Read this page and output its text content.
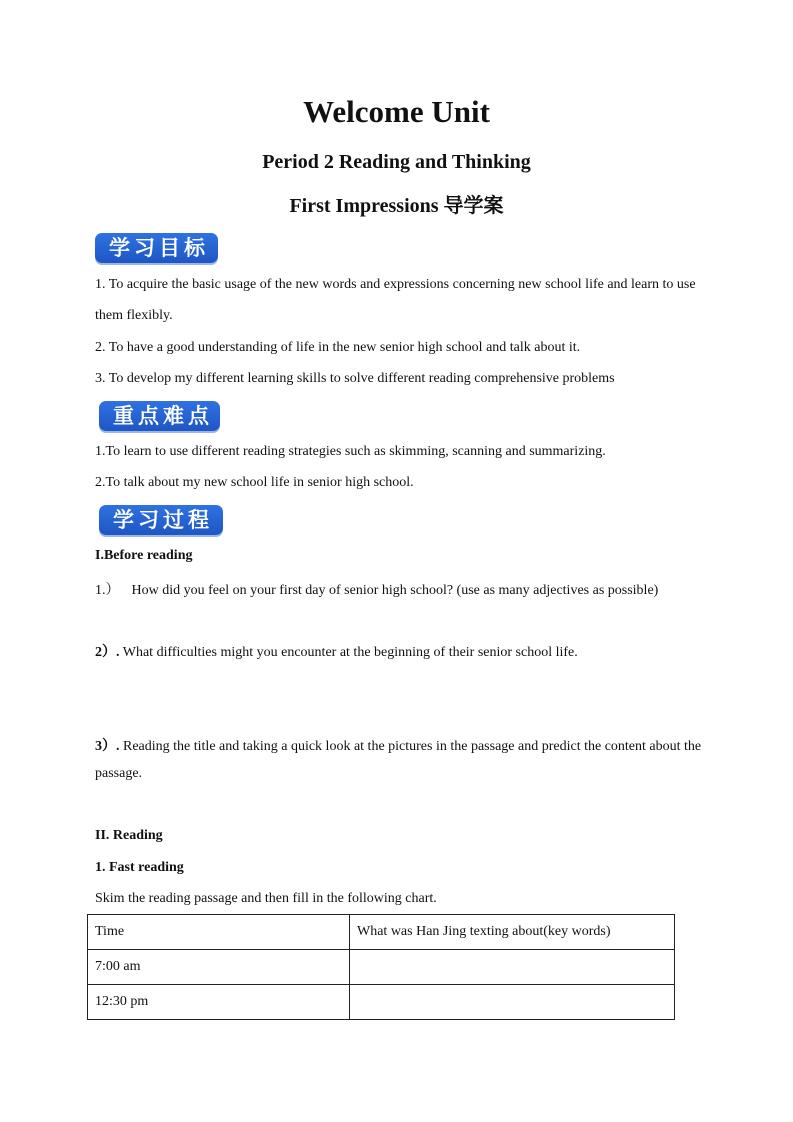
Welcome Unit
Period 2 Reading and Thinking
First Impressions 导学案
学习目标
1. To acquire the basic usage of the new words and expressions concerning new school life and learn to use
them flexibly.
2. To have a good understanding of life in the new senior high school and talk about it.
3. To develop my different learning skills to solve different reading comprehensive problems
重点难点
1.To learn to use different reading strategies such as skimming, scanning and summarizing.
2.To talk about my new school life in senior high school.
学习过程
I.Before reading
1.） How did you feel on your first day of senior high school? (use as many adjectives as possible)
2）. What difficulties might you encounter at the beginning of their senior school life.
3）. Reading the title and taking a quick look at the pictures in the passage and predict the content about the
passage.
II. Reading
1. Fast reading
Skim the reading passage and then fill in the following chart.
Time	What was Han Jing texting about(key words)
7:00 am	
12:30 pm	
